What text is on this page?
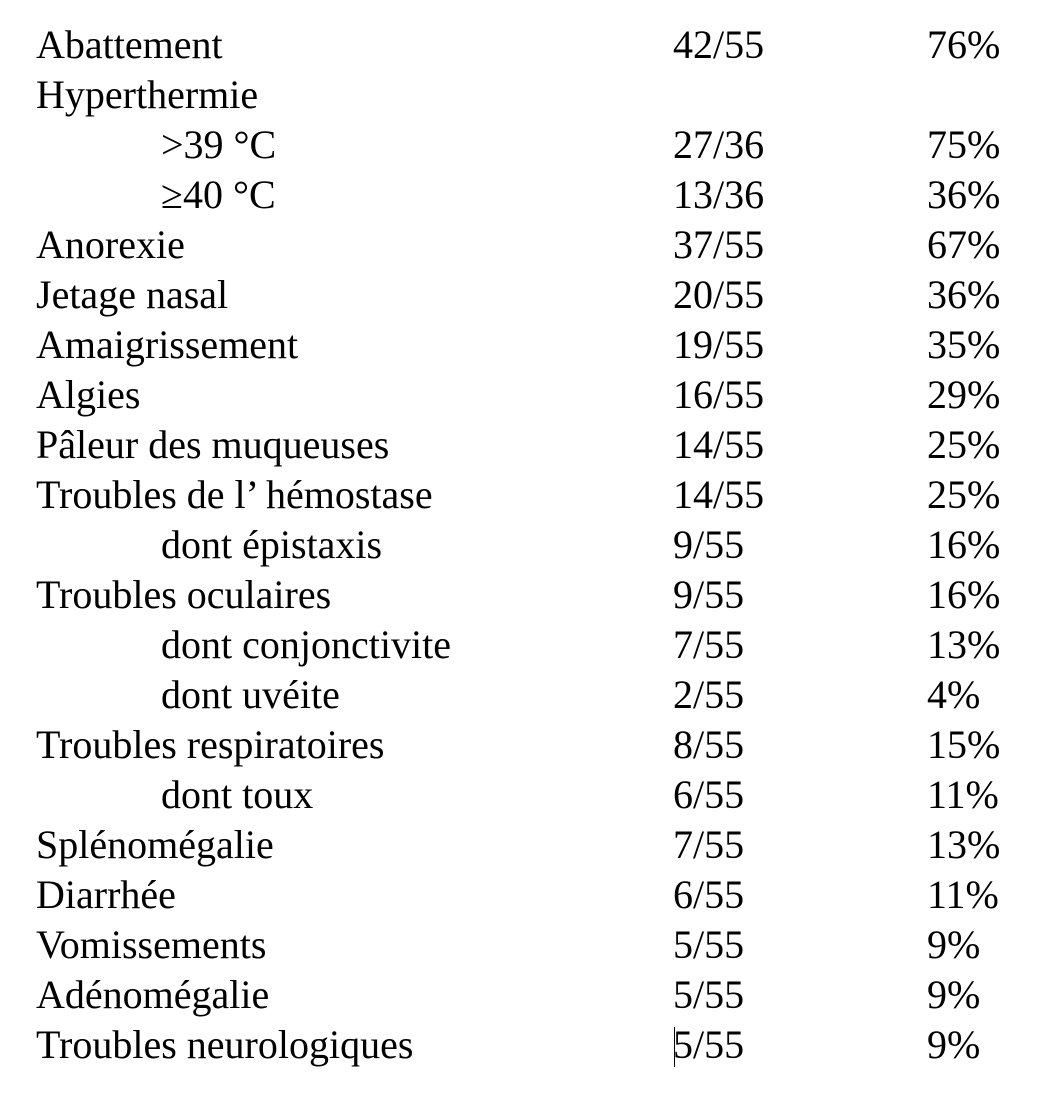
Abattement	42/55	76%
Hyperthermie
>39 °C	27/36	75%
≥40 °C	13/36	36%
Anorexie	37/55	67%
Jetage nasal	20/55	36%
Amaigrissement	19/55	35%
Algies	16/55	29%
Pâleur des muqueuses	14/55	25%
Troubles de l’ hémostase	14/55	25%
dont épistaxis	9/55	16%
Troubles oculaires	9/55	16%
dont conjonctivite	7/55	13%
dont uvéite	2/55	4%
Troubles respiratoires	8/55	15%
dont toux	6/55	11%
Splénomégalie	7/55	13%
Diarrhée	6/55	11%
Vomissements	5/55	9%
Adénomégalie	5/55	9%
Troubles neurologiques	5/55	9%
